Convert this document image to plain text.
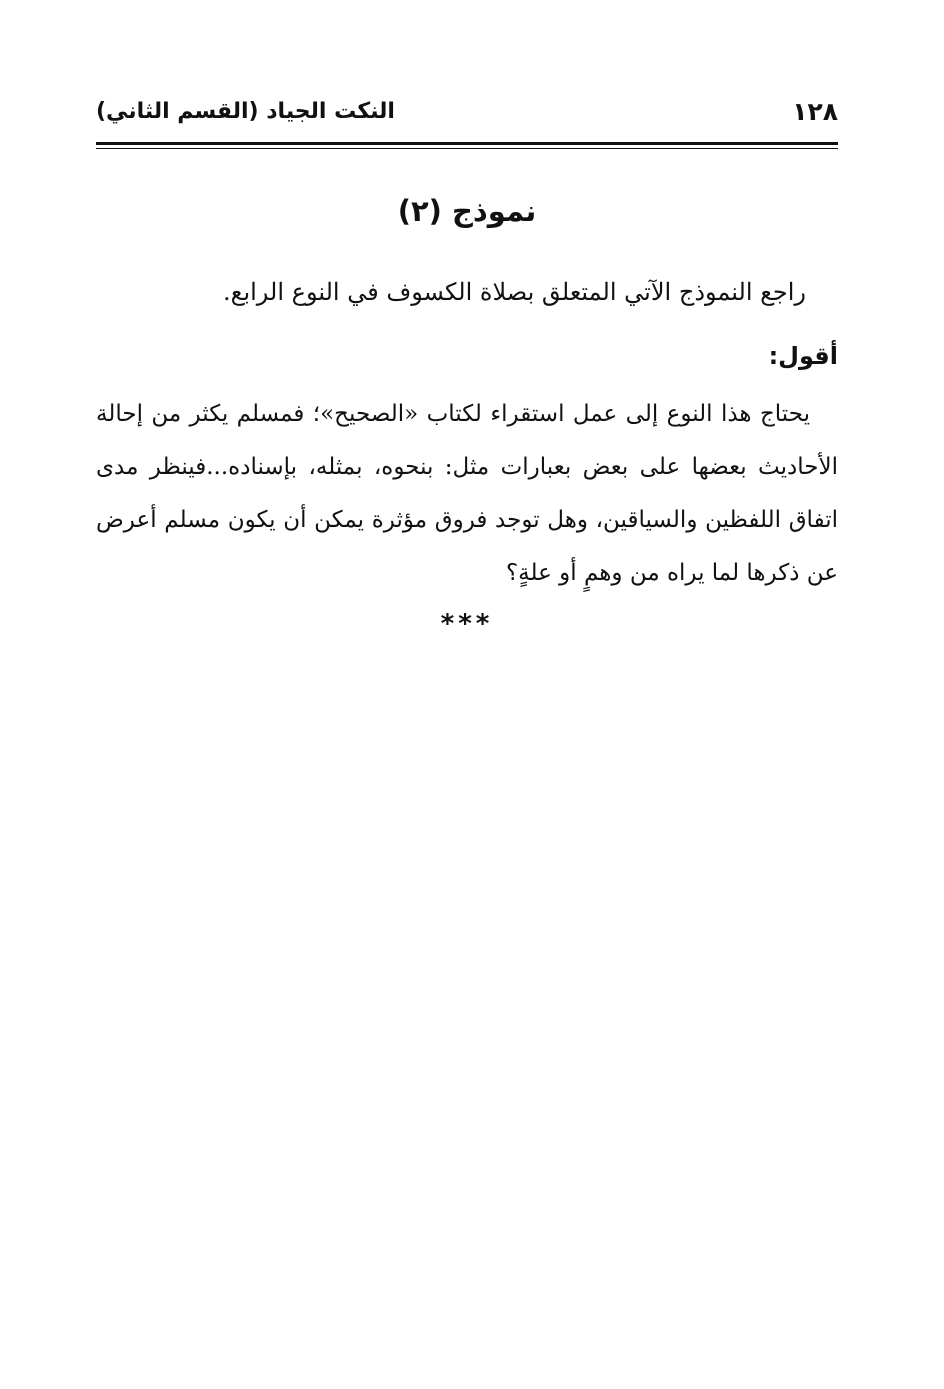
١٢٨
النكت الجياد (القسم الثاني)
نموذج (٢)
راجع النموذج الآتي المتعلق بصلاة الكسوف في النوع الرابع.
أقول:

يحتاج هذا النوع إلى عمل استقراء لكتاب «الصحيح»؛ فمسلم يكثر من إحالة الأحاديث بعضها على بعض بعبارات مثل: بنحوه، بمثله، بإسناده...فينظر مدى اتفاق اللفظين والسياقين، وهل توجد فروق مؤثرة يمكن أن يكون مسلم أعرض عن ذكرها لما يراه من وهمٍ أو علةٍ؟

***
